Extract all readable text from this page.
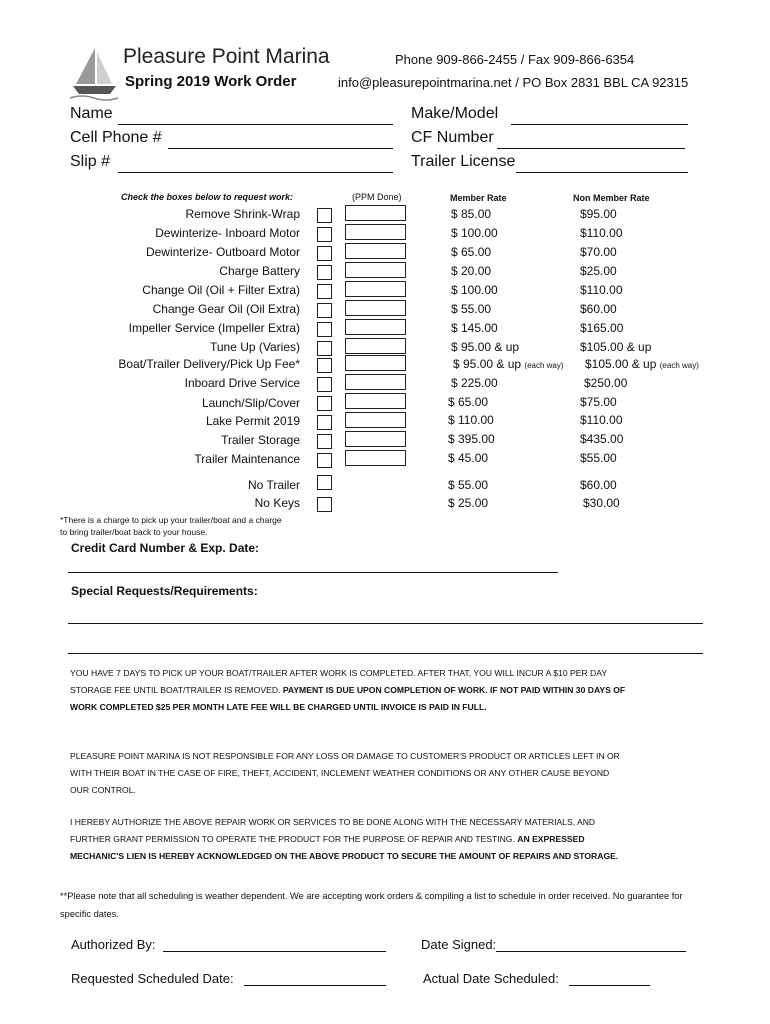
Pleasure Point Marina
Spring 2019 Work Order
Phone 909-866-2455 / Fax 909-866-6354
info@pleasurepointmarina.net / PO Box 2831 BBL CA 92315
Name
Cell Phone #
Slip #
Make/Model
CF Number
Trailer License
Check the boxes below to request work:	(PPM Done)	Member Rate	Non Member Rate
Remove Shrink-Wrap	$ 85.00	$95.00
Dewinterize- Inboard Motor	$ 100.00	$110.00
Dewinterize- Outboard Motor	$ 65.00	$70.00
Charge Battery	$ 20.00	$25.00
Change Oil (Oil + Filter Extra)	$ 100.00	$110.00
Change Gear Oil (Oil Extra)	$ 55.00	$60.00
Impeller Service (Impeller Extra)	$ 145.00	$165.00
Tune Up (Varies)	$ 95.00 & up	$105.00 & up
Boat/Trailer Delivery/Pick Up Fee*	$ 95.00 & up (each way) $105.00 & up (each way)
Inboard Drive Service	$ 225.00	$250.00
Launch/Slip/Cover	$ 65.00	$75.00
Lake Permit 2019	$ 110.00	$110.00
Trailer Storage	$ 395.00	$435.00
Trailer Maintenance	$ 45.00	$55.00
No Trailer	$ 55.00	$60.00
No Keys	$ 25.00	$30.00
*There is a charge to pick up your trailer/boat and a charge to bring trailer/boat back to your house.
Credit Card Number & Exp. Date:
Special Requests/Requirements:
YOU HAVE 7 DAYS TO PICK UP YOUR BOAT/TRAILER AFTER WORK IS COMPLETED. AFTER THAT, YOU WILL INCUR A $10 PER DAY STORAGE FEE UNTIL BOAT/TRAILER IS REMOVED. PAYMENT IS DUE UPON COMPLETION OF WORK. IF NOT PAID WITHIN 30 DAYS OF WORK COMPLETED $25 PER MONTH LATE FEE WILL BE CHARGED UNTIL INVOICE IS PAID IN FULL.
PLEASURE POINT MARINA IS NOT RESPONSIBLE FOR ANY LOSS OR DAMAGE TO CUSTOMER'S PRODUCT OR ARTICLES LEFT IN OR WITH THEIR BOAT IN THE CASE OF FIRE, THEFT, ACCIDENT, INCLEMENT WEATHER CONDITIONS OR ANY OTHER CAUSE BEYOND OUR CONTROL.
I HEREBY AUTHORIZE THE ABOVE REPAIR WORK OR SERVICES TO BE DONE ALONG WITH THE NECESSARY MATERIALS, AND FURTHER GRANT PERMISSION TO OPERATE THE PRODUCT FOR THE PURPOSE OF REPAIR AND TESTING. AN EXPRESSED MECHANIC'S LIEN IS HEREBY ACKNOWLEDGED ON THE ABOVE PRODUCT TO SECURE THE AMOUNT OF REPAIRS AND STORAGE.
**Please note that all scheduling is weather dependent. We are accepting work orders & compiling a list to schedule in order received. No guarantee for specific dates.
Authorized By:	Date Signed:
Requested Scheduled Date:	Actual Date Scheduled:
